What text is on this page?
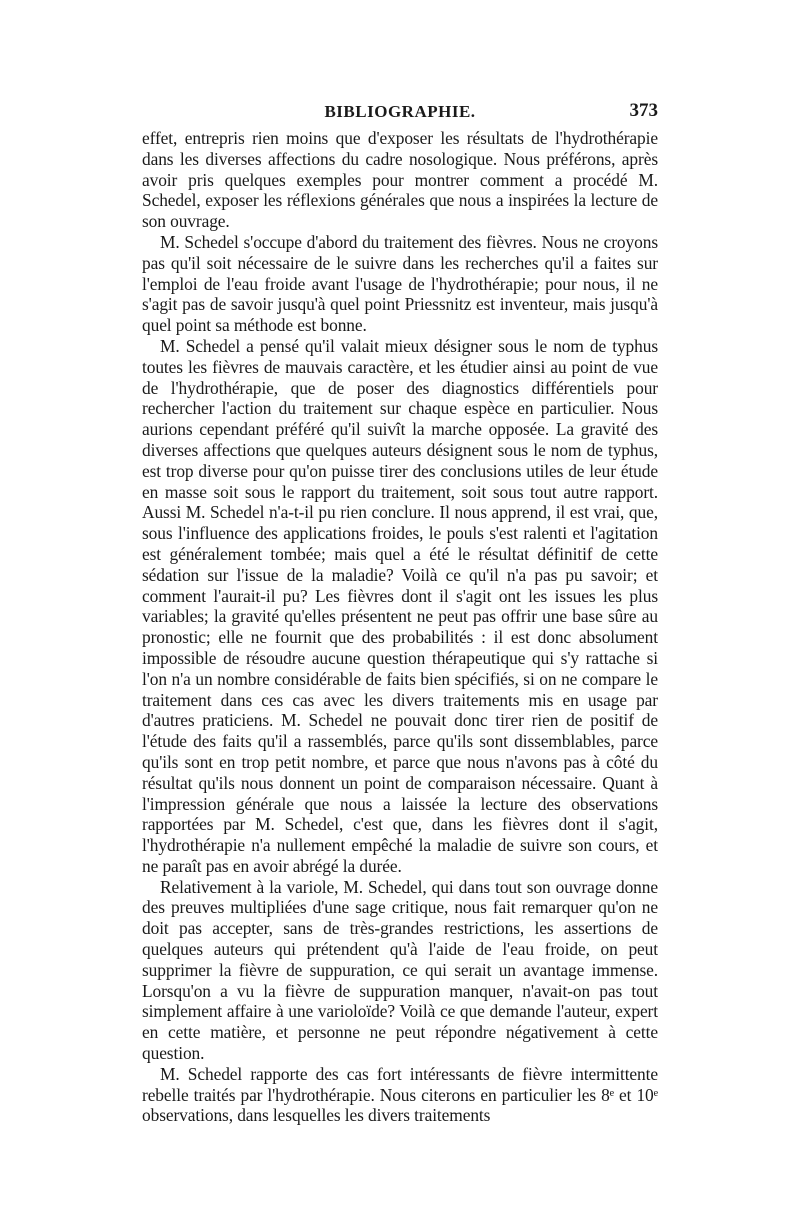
BIBLIOGRAPHIE.	373

effet, entrepris rien moins que d'exposer les résultats de l'hydrothérapie dans les diverses affections du cadre nosologique. Nous préférons, après avoir pris quelques exemples pour montrer comment a procédé M. Schedel, exposer les réflexions générales que nous a inspirées la lecture de son ouvrage.

M. Schedel s'occupe d'abord du traitement des fièvres. Nous ne croyons pas qu'il soit nécessaire de le suivre dans les recherches qu'il a faites sur l'emploi de l'eau froide avant l'usage de l'hydrothérapie; pour nous, il ne s'agit pas de savoir jusqu'à quel point Priessnitz est inventeur, mais jusqu'à quel point sa méthode est bonne.

M. Schedel a pensé qu'il valait mieux désigner sous le nom de typhus toutes les fièvres de mauvais caractère, et les étudier ainsi au point de vue de l'hydrothérapie, que de poser des diagnostics différentiels pour rechercher l'action du traitement sur chaque espèce en particulier. Nous aurions cependant préféré qu'il suivît la marche opposée. La gravité des diverses affections que quelques auteurs désignent sous le nom de typhus, est trop diverse pour qu'on puisse tirer des conclusions utiles de leur étude en masse soit sous le rapport du traitement, soit sous tout autre rapport. Aussi M. Schedel n'a-t-il pu rien conclure. Il nous apprend, il est vrai, que, sous l'influence des applications froides, le pouls s'est ralenti et l'agitation est généralement tombée; mais quel a été le résultat définitif de cette sédation sur l'issue de la maladie? Voilà ce qu'il n'a pas pu savoir; et comment l'aurait-il pu? Les fièvres dont il s'agit ont les issues les plus variables; la gravité qu'elles présentent ne peut pas offrir une base sûre au pronostic; elle ne fournit que des probabilités : il est donc absolument impossible de résoudre aucune question thérapeutique qui s'y rattache si l'on n'a un nombre considérable de faits bien spécifiés, si on ne compare le traitement dans ces cas avec les divers traitements mis en usage par d'autres praticiens. M. Schedel ne pouvait donc tirer rien de positif de l'étude des faits qu'il a rassemblés, parce qu'ils sont dissemblables, parce qu'ils sont en trop petit nombre, et parce que nous n'avons pas à côté du résultat qu'ils nous donnent un point de comparaison nécessaire. Quant à l'impression générale que nous a laissée la lecture des observations rapportées par M. Schedel, c'est que, dans les fièvres dont il s'agit, l'hydrothérapie n'a nullement empêché la maladie de suivre son cours, et ne paraît pas en avoir abrégé la durée.

Relativement à la variole, M. Schedel, qui dans tout son ouvrage donne des preuves multipliées d'une sage critique, nous fait remarquer qu'on ne doit pas accepter, sans de très-grandes restrictions, les assertions de quelques auteurs qui prétendent qu'à l'aide de l'eau froide, on peut supprimer la fièvre de suppuration, ce qui serait un avantage immense. Lorsqu'on a vu la fièvre de suppuration manquer, n'avait-on pas tout simplement affaire à une varioloïde? Voilà ce que demande l'auteur, expert en cette matière, et personne ne peut répondre négativement à cette question.

M. Schedel rapporte des cas fort intéressants de fièvre intermittente rebelle traités par l'hydrothérapie. Nous citerons en particulier les 8ᵉ et 10ᵉ observations, dans lesquelles les divers traitements
